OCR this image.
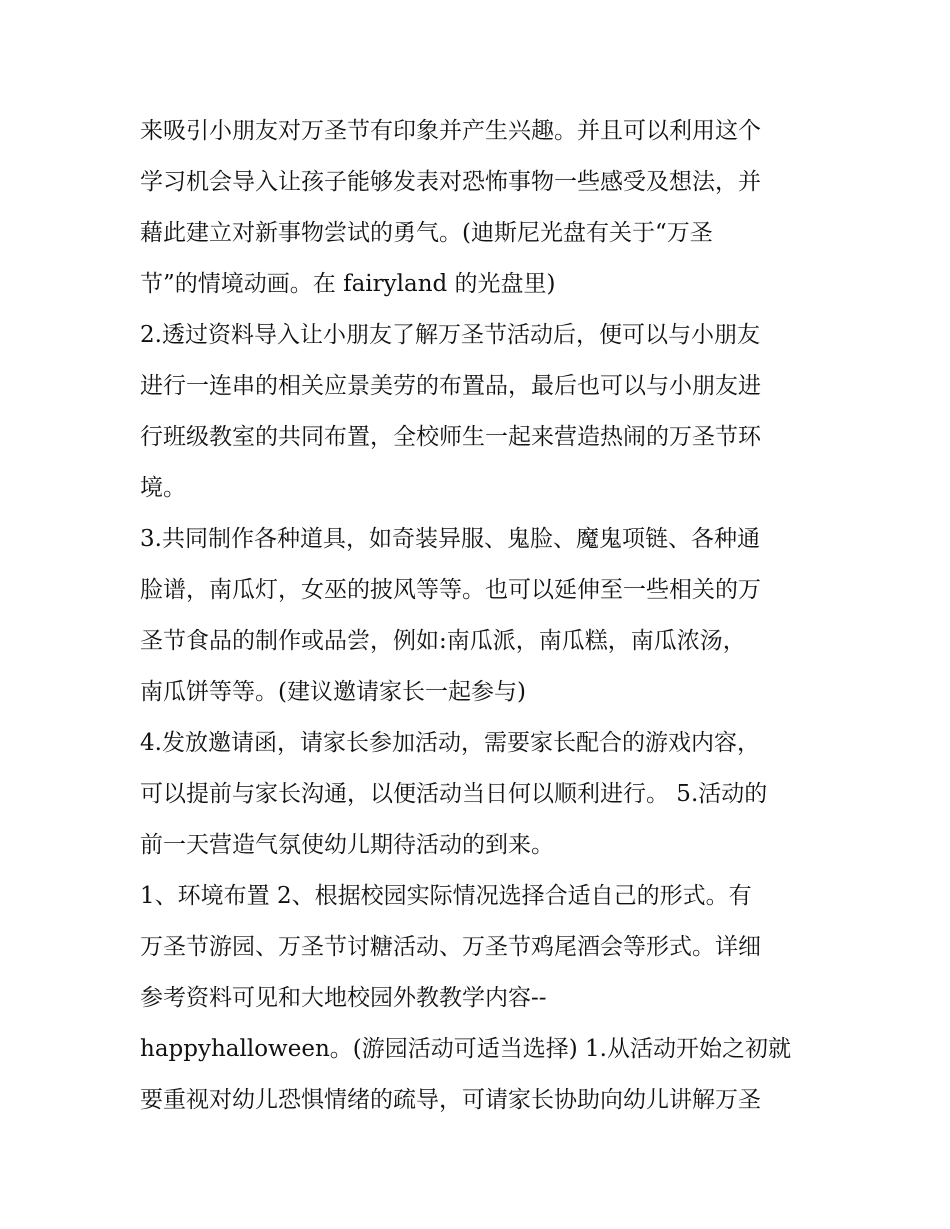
来吸引小朋友对万圣节有印象并产生兴趣。并且可以利用这个
学习机会导入让孩子能够发表对恐怖事物一些感受及想法，并
藉此建立对新事物尝试的勇气。(迪斯尼光盘有关于“万圣
节”的情境动画。在 fairyland 的光盘里)
2.透过资料导入让小朋友了解万圣节活动后，便可以与小朋友
进行一连串的相关应景美劳的布置品，最后也可以与小朋友进
行班级教室的共同布置，全校师生一起来营造热闹的万圣节环
境。
3.共同制作各种道具，如奇装异服、鬼脸、魔鬼项链、各种通
脸谱，南瓜灯，女巫的披风等等。也可以延伸至一些相关的万
圣节食品的制作或品尝，例如:南瓜派，南瓜糕，南瓜浓汤，
南瓜饼等等。(建议邀请家长一起参与)
4.发放邀请函，请家长参加活动，需要家长配合的游戏内容，
可以提前与家长沟通，以便活动当日何以顺利进行。 5.活动的
前一天营造气氛使幼儿期待活动的到来。
1、环境布置 2、根据校园实际情况选择合适自己的形式。有
万圣节游园、万圣节讨糖活动、万圣节鸡尾酒会等形式。详细
参考资料可见和大地校园外教教学内容--
happyhalloween。(游园活动可适当选择) 1.从活动开始之初就
要重视对幼儿恐惧情绪的疏导，可请家长协助向幼儿讲解万圣
